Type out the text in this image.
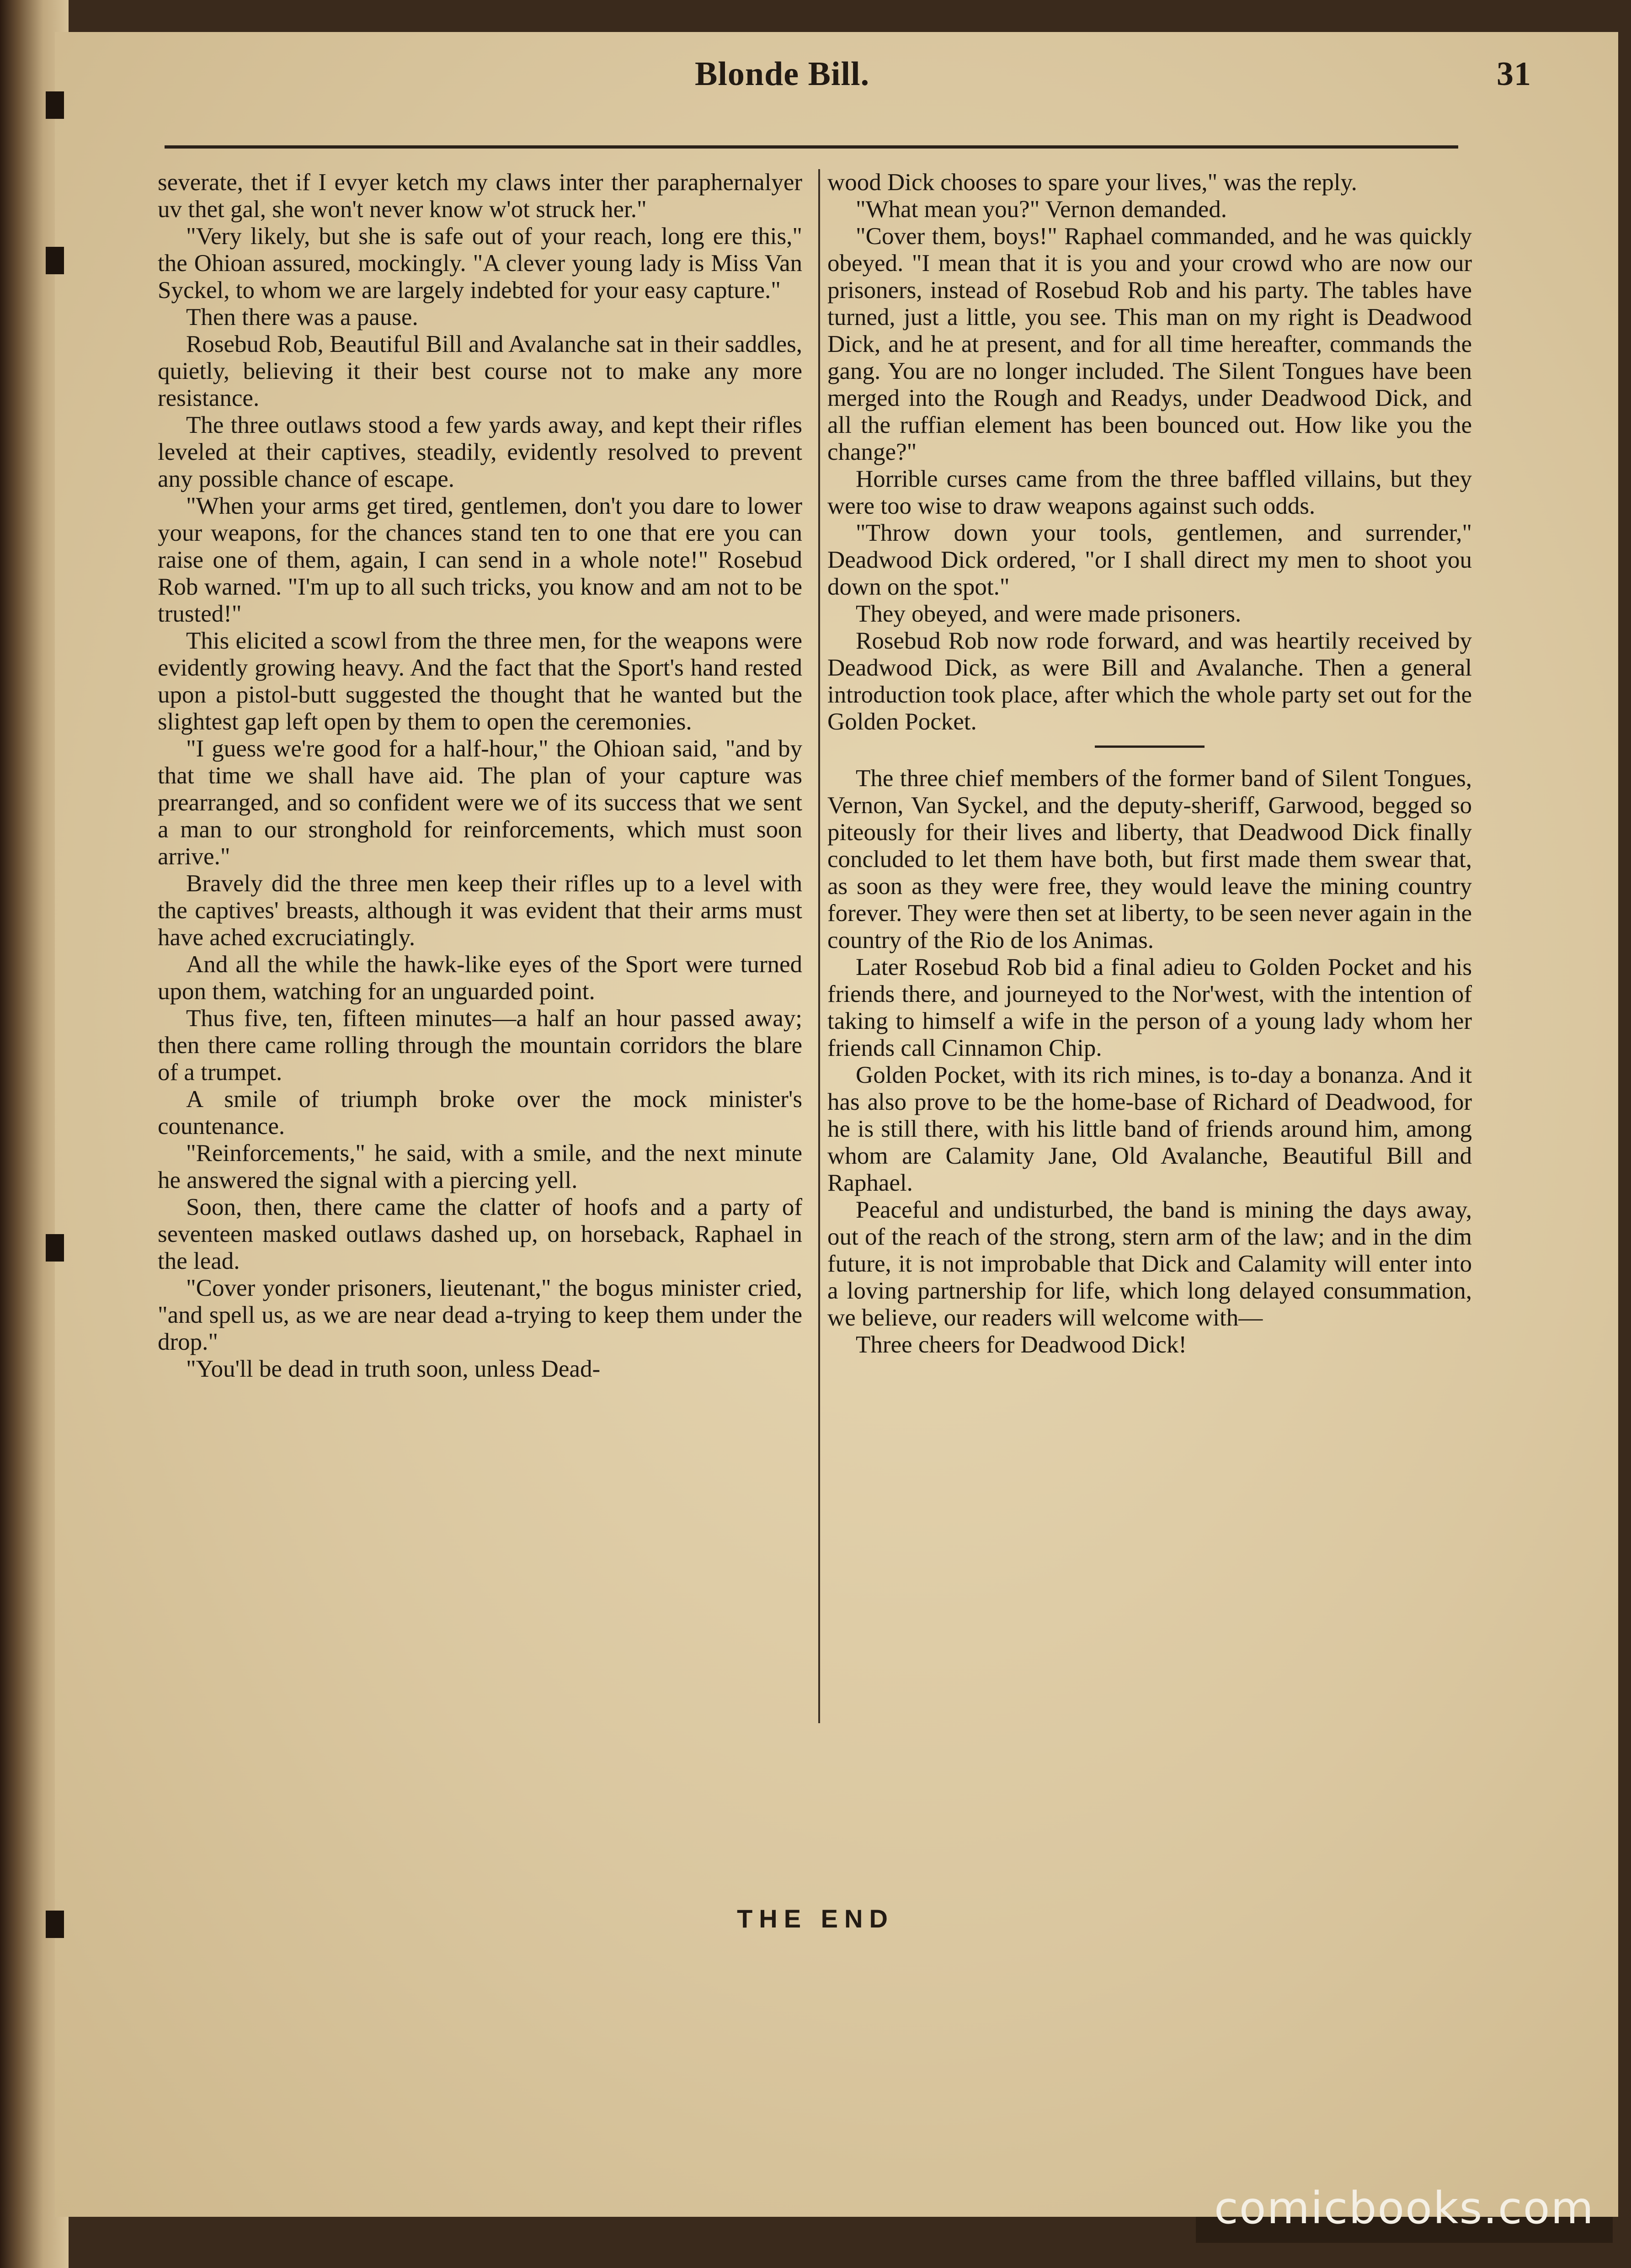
Blonde Bill.	31

severate, thet if I evyer ketch my claws inter ther paraphernalyer uv thet gal, she won't never know w'ot struck her."

"Very likely, but she is safe out of your reach, long ere this," the Ohioan assured, mockingly. "A clever young lady is Miss Van Syckel, to whom we are largely indebted for your easy capture."

Then there was a pause.

Rosebud Rob, Beautiful Bill and Avalanche sat in their saddles, quietly, believing it their best course not to make any more resistance.

The three outlaws stood a few yards away, and kept their rifles leveled at their captives, steadily, evidently resolved to prevent any possible chance of escape.

"When your arms get tired, gentlemen, don't you dare to lower your weapons, for the chances stand ten to one that ere you can raise one of them, again, I can send in a whole note!" Rosebud Rob warned. "I'm up to all such tricks, you know and am not to be trusted!"

This elicited a scowl from the three men, for the weapons were evidently growing heavy. And the fact that the Sport's hand rested upon a pistol-butt suggested the thought that he wanted but the slightest gap left open by them to open the ceremonies.

"I guess we're good for a half-hour," the Ohioan said, "and by that time we shall have aid. The plan of your capture was prearranged, and so confident were we of its success that we sent a man to our stronghold for reinforcements, which must soon arrive."

Bravely did the three men keep their rifles up to a level with the captives' breasts, although it was evident that their arms must have ached excruciatingly.

And all the while the hawk-like eyes of the Sport were turned upon them, watching for an unguarded point.

Thus five, ten, fifteen minutes—a half an hour passed away; then there came rolling through the mountain corridors the blare of a trumpet.

A smile of triumph broke over the mock minister's countenance.

"Reinforcements," he said, with a smile, and the next minute he answered the signal with a piercing yell.

Soon, then, there came the clatter of hoofs and a party of seventeen masked outlaws dashed up, on horseback, Raphael in the lead.

"Cover yonder prisoners, lieutenant," the bogus minister cried, "and spell us, as we are near dead a-trying to keep them under the drop."

"You'll be dead in truth soon, unless Dead-

wood Dick chooses to spare your lives," was the reply.

"What mean you?" Vernon demanded.

"Cover them, boys!" Raphael commanded, and he was quickly obeyed. "I mean that it is you and your crowd who are now our prisoners, instead of Rosebud Rob and his party. The tables have turned, just a little, you see. This man on my right is Deadwood Dick, and he at present, and for all time hereafter, commands the gang. You are no longer included. The Silent Tongues have been merged into the Rough and Readys, under Deadwood Dick, and all the ruffian element has been bounced out. How like you the change?"

Horrible curses came from the three baffled villains, but they were too wise to draw weapons against such odds.

"Throw down your tools, gentlemen, and surrender," Deadwood Dick ordered, "or I shall direct my men to shoot you down on the spot."

They obeyed, and were made prisoners.

Rosebud Rob now rode forward, and was heartily received by Deadwood Dick, as were Bill and Avalanche. Then a general introduction took place, after which the whole party set out for the Golden Pocket.

The three chief members of the former band of Silent Tongues, Vernon, Van Syckel, and the deputy-sheriff, Garwood, begged so piteously for their lives and liberty, that Deadwood Dick finally concluded to let them have both, but first made them swear that, as soon as they were free, they would leave the mining country forever. They were then set at liberty, to be seen never again in the country of the Rio de los Animas.

Later Rosebud Rob bid a final adieu to Golden Pocket and his friends there, and journeyed to the Nor'west, with the intention of taking to himself a wife in the person of a young lady whom her friends call Cinnamon Chip.

Golden Pocket, with its rich mines, is to-day a bonanza. And it has also prove to be the home-base of Richard of Deadwood, for he is still there, with his little band of friends around him, among whom are Calamity Jane, Old Avalanche, Beautiful Bill and Raphael.

Peaceful and undisturbed, the band is mining the days away, out of the reach of the strong, stern arm of the law; and in the dim future, it is not improbable that Dick and Calamity will enter into a loving partnership for life, which long delayed consummation, we believe, our readers will welcome with—

Three cheers for Deadwood Dick!

THE END
comicbooks.com
